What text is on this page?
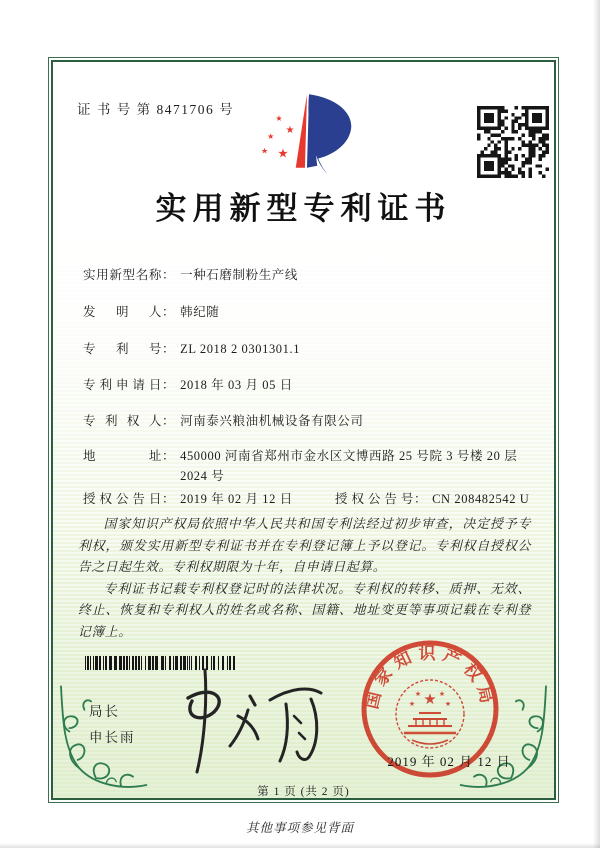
证 书 号 第 8471706 号
★
★
★
★ ★
实用新型专利证书
实用新型名称 ： 一种石磨制粉生产线
发明人 ： 韩纪随
专利号 ： ZL 2018 2 0301301.1
专利申请日 ： 2018 年 03 月 05 日
专利权人 ： 河南泰兴粮油机械设备有限公司
地址 ： 450000 河南省郑州市金水区文博西路 25 号院 3 号楼 20 层 2024 号
授权公告日 ： 2019 年 02 月 12 日	授权公告号 ： CN 208482542 U

国家知识产权局依照中华人民共和国专利法经过初步审查，决定授予专利权，颁发实用新型专利证书并在专利登记簿上予以登记。专利权自授权公告之日起生效。专利权期限为十年，自申请日起算。

专利证书记载专利权登记时的法律状况。专利权的转移、质押、无效、终止、恢复和专利权人的姓名或名称、国籍、地址变更等事项记载在专利登记簿上。

局长
申长雨
国家知识产权局
★
★	★
★	★
2019 年 02 月 12 日
第 1 页 (共 2 页)
其他事项参见背面
